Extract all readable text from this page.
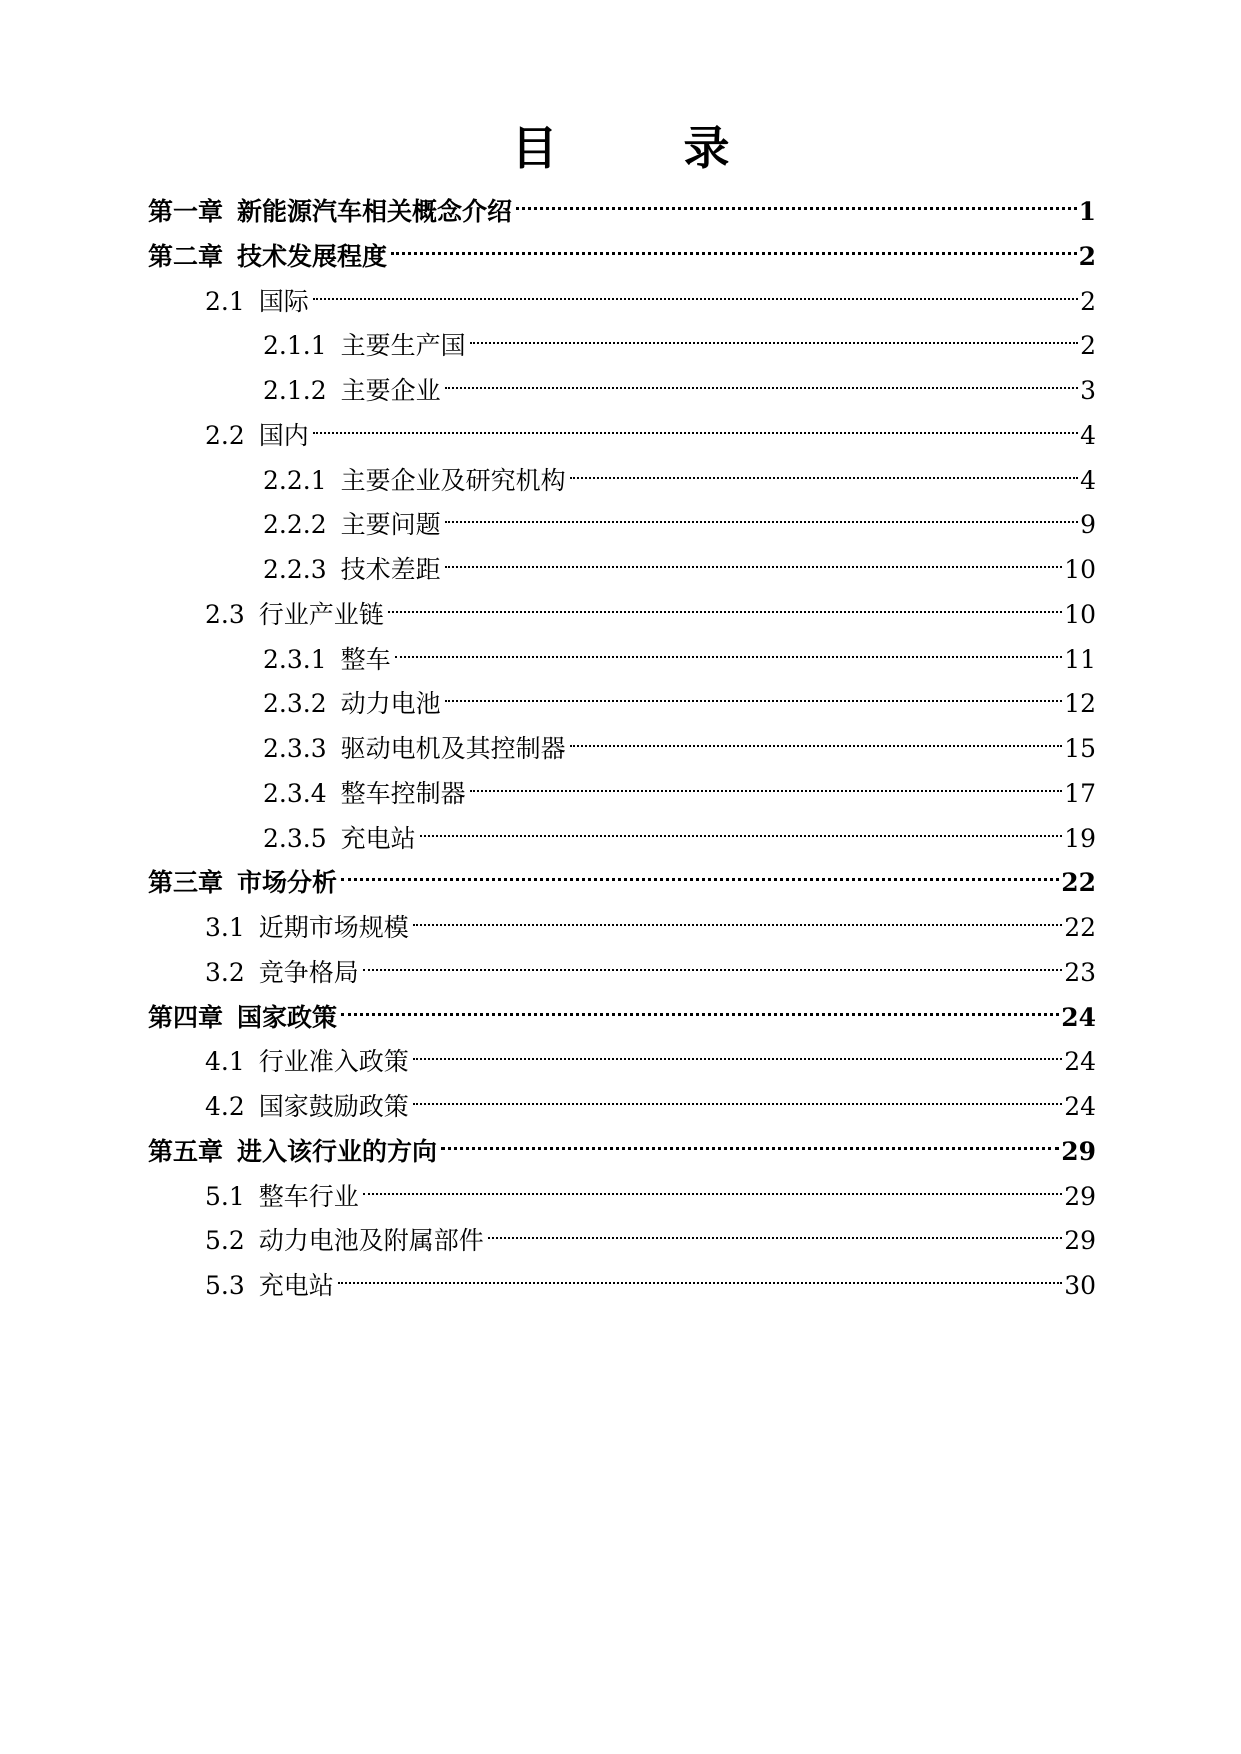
目　录
第一章 新能源汽车相关概念介绍	1
第二章 技术发展程度	2
2.1 国际	2
2.1.1 主要生产国	2
2.1.2 主要企业	3
2.2 国内	4
2.2.1 主要企业及研究机构	4
2.2.2 主要问题	9
2.2.3 技术差距	10
2.3 行业产业链	10
2.3.1 整车	11
2.3.2 动力电池	12
2.3.3 驱动电机及其控制器	15
2.3.4 整车控制器	17
2.3.5 充电站	19
第三章 市场分析	22
3.1 近期市场规模	22
3.2 竞争格局	23
第四章 国家政策	24
4.1 行业准入政策	24
4.2 国家鼓励政策	24
第五章 进入该行业的方向	29
5.1 整车行业	29
5.2 动力电池及附属部件	29
5.3 充电站	30
